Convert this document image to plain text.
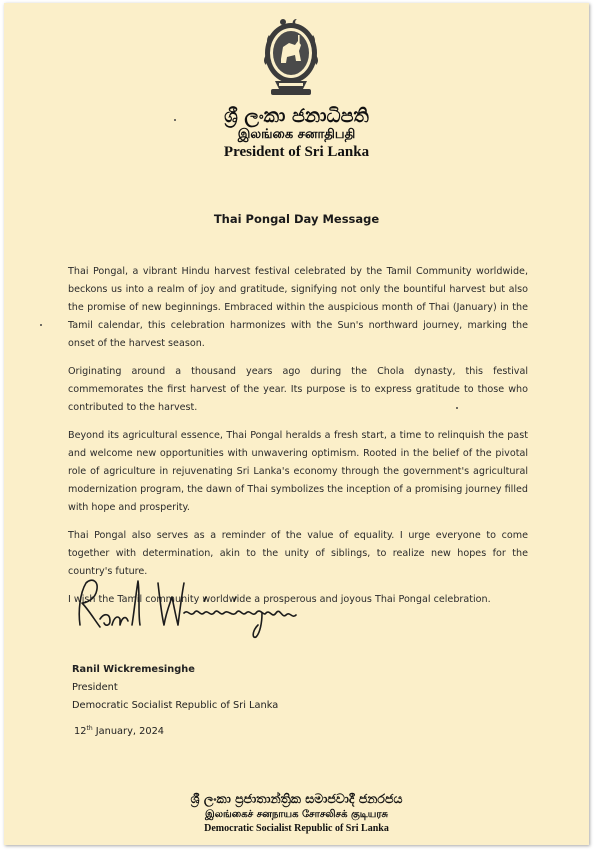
ශ්‍රී ලංකා ජනාධිපති
இலங்கை சனாதிபதி
President of Sri Lanka
Thai Pongal Day Message

Thai Pongal, a vibrant Hindu harvest festival celebrated by the Tamil Community worldwide, beckons us into a realm of joy and gratitude, signifying not only the bountiful harvest but also the promise of new beginnings. Embraced within the auspicious month of Thai (January) in the Tamil calendar, this celebration harmonizes with the Sun's northward journey, marking the onset of the harvest season.

Originating around a thousand years ago during the Chola dynasty, this festival commemorates the first harvest of the year. Its purpose is to express gratitude to those who contributed to the harvest.

Beyond its agricultural essence, Thai Pongal heralds a fresh start, a time to relinquish the past and welcome new opportunities with unwavering optimism. Rooted in the belief of the pivotal role of agriculture in rejuvenating Sri Lanka's economy through the government's agricultural modernization program, the dawn of Thai symbolizes the inception of a promising journey filled with hope and prosperity.

Thai Pongal also serves as a reminder of the value of equality. I urge everyone to come together with determination, akin to the unity of siblings, to realize new hopes for the country's future.

I wish the Tamil community worldwide a prosperous and joyous Thai Pongal celebration.

Ranil Wickremesinghe
President
Democratic Socialist Republic of Sri Lanka
12th January, 2024
ශ්‍රී ලංකා ප්‍රජාතාන්ත්‍රික සමාජවාදී ජනරජය
இலங்கைச் சனநாயக சோசலிசக் குடியரசு
Democratic Socialist Republic of Sri Lanka
